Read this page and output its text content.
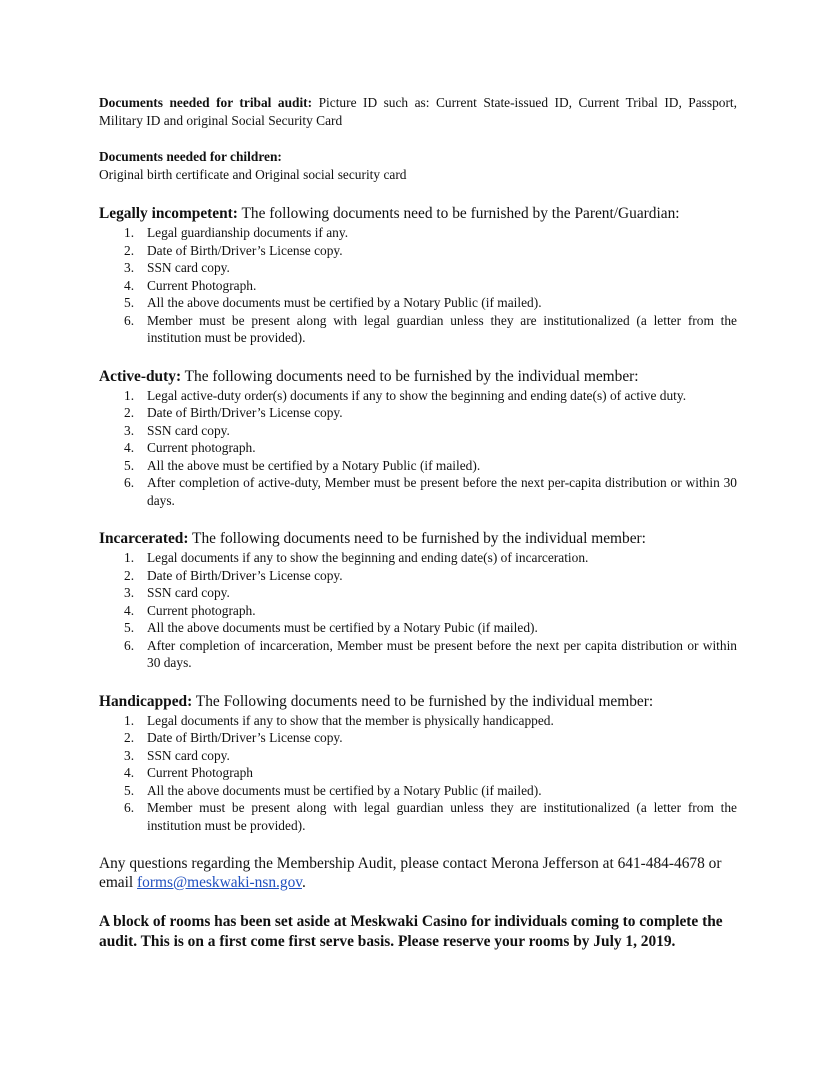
Documents needed for tribal audit: Picture ID such as: Current State-issued ID, Current Tribal ID, Passport, Military ID and original Social Security Card

Documents needed for children:

Original birth certificate and Original social security card

Legally incompetent: The following documents need to be furnished by the Parent/Guardian:

1. Legal guardianship documents if any.
2. Date of Birth/Driver’s License copy.
3. SSN card copy.
4. Current Photograph.
5. All the above documents must be certified by a Notary Public (if mailed).
6. Member must be present along with legal guardian unless they are institutionalized (a letter from the institution must be provided).

Active-duty: The following documents need to be furnished by the individual member:

1. Legal active-duty order(s) documents if any to show the beginning and ending date(s) of active duty.
2. Date of Birth/Driver’s License copy.
3. SSN card copy.
4. Current photograph.
5. All the above must be certified by a Notary Public (if mailed).
6. After completion of active-duty, Member must be present before the next per-capita distribution or within 30 days.

Incarcerated: The following documents need to be furnished by the individual member:

1. Legal documents if any to show the beginning and ending date(s) of incarceration.
2. Date of Birth/Driver’s License copy.
3. SSN card copy.
4. Current photograph.
5. All the above documents must be certified by a Notary Pubic (if mailed).
6. After completion of incarceration, Member must be present before the next per capita distribution or within 30 days.

Handicapped: The Following documents need to be furnished by the individual member:

1. Legal documents if any to show that the member is physically handicapped.
2. Date of Birth/Driver’s License copy.
3. SSN card copy.
4. Current Photograph
5. All the above documents must be certified by a Notary Public (if mailed).
6. Member must be present along with legal guardian unless they are institutionalized (a letter from the institution must be provided).

Any questions regarding the Membership Audit, please contact Merona Jefferson at 641-484-4678 or email forms@meskwaki-nsn.gov.

A block of rooms has been set aside at Meskwaki Casino for individuals coming to complete the audit. This is on a first come first serve basis. Please reserve your rooms by July 1, 2019.
